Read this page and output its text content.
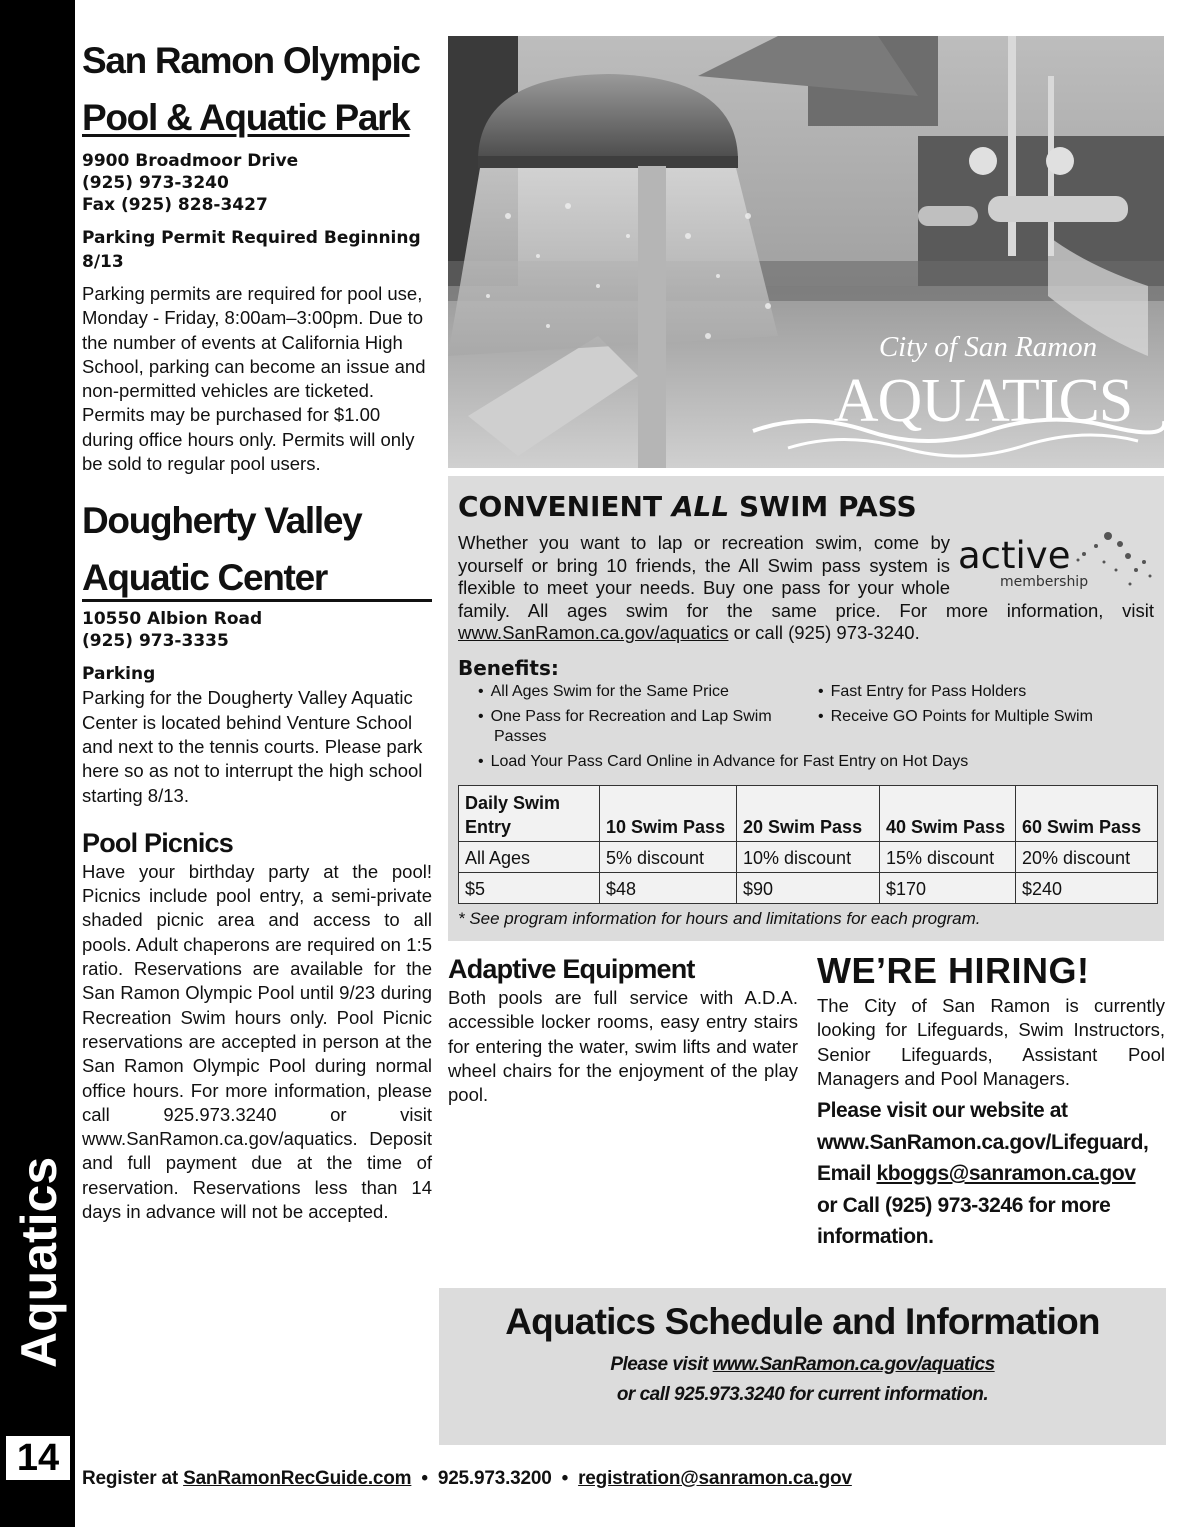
Aquatics
14
San Ramon Olympic
Pool & Aquatic Park
9900 Broadmoor Drive
(925) 973-3240
Fax (925) 828-3427
Parking Permit Required Beginning 8/13
Parking permits are required for pool use, Monday - Friday, 8:00am–3:00pm. Due to the number of events at California High School, parking can become an issue and non-permitted vehicles are ticketed. Permits may be purchased for $1.00 during office hours only. Permits will only be sold to regular pool users.
Dougherty Valley
Aquatic Center
10550 Albion Road
(925) 973-3335
Parking
Parking for the Dougherty Valley Aquatic Center is located behind Venture School and next to the tennis courts. Please park here so as not to interrupt the high school starting 8/13.
Pool Picnics
Have your birthday party at the pool! Picnics include pool entry, a semi-private shaded picnic area and access to all pools. Adult chaperons are required on 1:5 ratio. Reservations are available for the San Ramon Olympic Pool until 9/23 during Recreation Swim hours only. Pool Picnic reservations are accepted in person at the San Ramon Olympic Pool during normal office hours. For more information, please call 925.973.3240 or visit www.SanRamon.ca.gov/aquatics. Deposit and full payment due at the time of reservation. Reservations less than 14 days in advance will not be accepted.
City of San Ramon
AQUATICS
CONVENIENT ALL SWIM PASS
active
membership
Whether you want to lap or recreation swim, come by yourself or bring 10 friends, the All Swim pass system is flexible to meet your needs. Buy one pass for your whole family. All ages swim for the same price. For more information, visit www.SanRamon.ca.gov/aquatics or call (925) 973-3240.
Benefits:
• All Ages Swim for the Same Price	• Fast Entry for Pass Holders
• One Pass for Recreation and Lap Swim Passes
• Receive GO Points for Multiple Swim
• Load Your Pass Card Online in Advance for Fast Entry on Hot Days
Daily Swim Entry	10 Swim Pass	20 Swim Pass	40 Swim Pass	60 Swim Pass
All Ages	5% discount	10% discount	15% discount	20% discount
$5	$48	$90	$170	$240
* See program information for hours and limitations for each program.
Adaptive Equipment
Both pools are full service with A.D.A. accessible locker rooms, easy entry stairs for entering the water, swim lifts and water wheel chairs for the enjoyment of the play pool.
WE’RE HIRING!
The City of San Ramon is currently looking for Lifeguards, Swim Instructors, Senior Lifeguards, Assistant Pool Managers and Pool Managers.
Please visit our website at
www.SanRamon.ca.gov/Lifeguard,
Email kboggs@sanramon.ca.gov
or Call (925) 973-3246 for more information.
Aquatics Schedule and Information
Please visit www.SanRamon.ca.gov/aquatics
or call 925.973.3240 for current information.
Register at SanRamonRecGuide.com • 925.973.3200 • registration@sanramon.ca.gov
